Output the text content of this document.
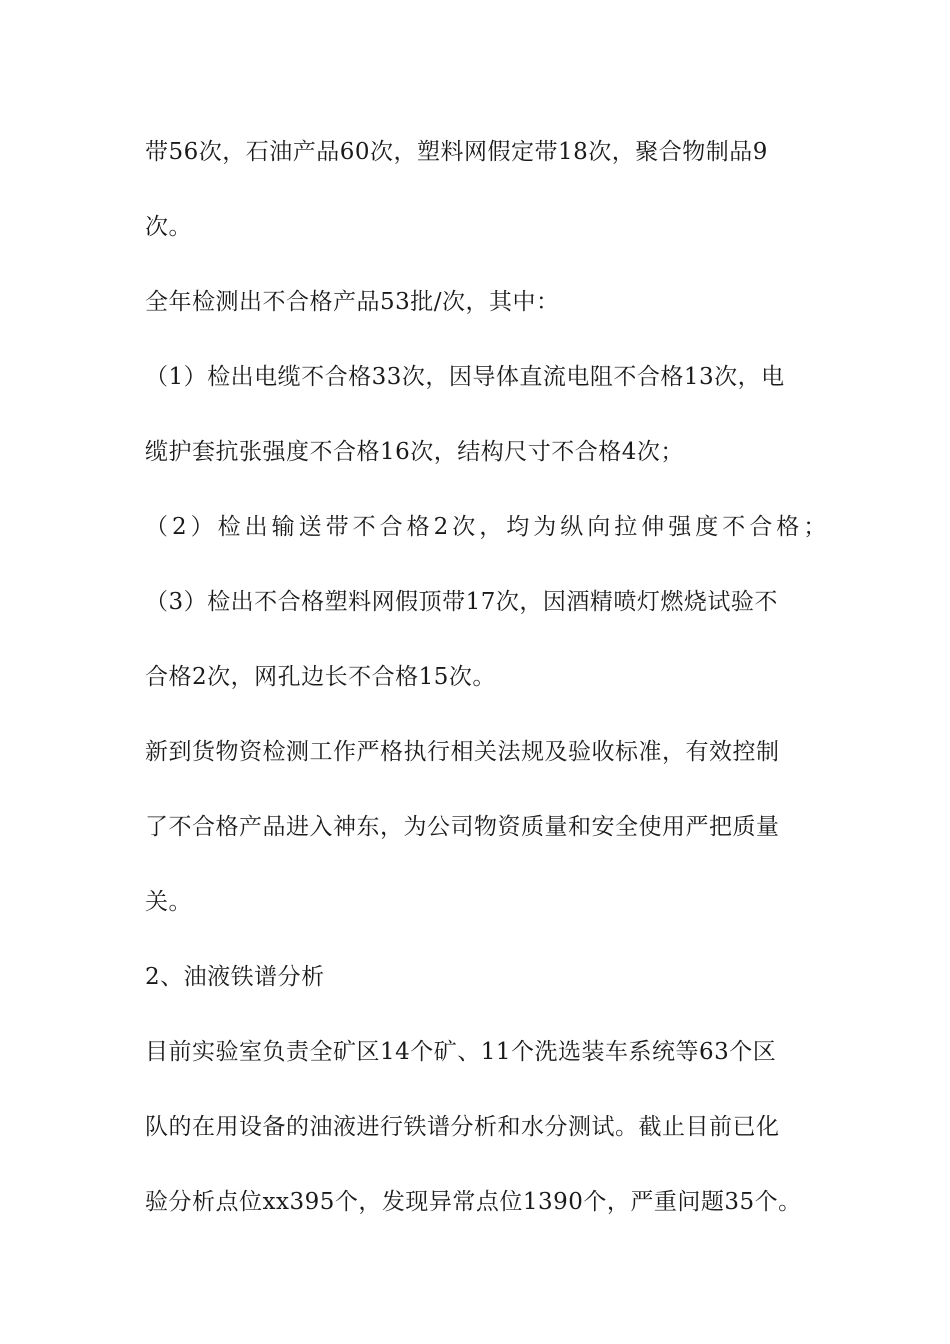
带56次，石油产品60次，塑料网假定带18次，聚合物制品9
次。
全年检测出不合格产品53批/次，其中：
（1）检出电缆不合格33次，因导体直流电阻不合格13次，电
缆护套抗张强度不合格16次，结构尺寸不合格4次；
（2）检出输送带不合格2次，均为纵向拉伸强度不合格；
（3）检出不合格塑料网假顶带17次，因酒精喷灯燃烧试验不
合格2次，网孔边长不合格15次。
新到货物资检测工作严格执行相关法规及验收标准，有效控制
了不合格产品进入神东，为公司物资质量和安全使用严把质量
关。
2、油液铁谱分析
目前实验室负责全矿区14个矿、11个洗选装车系统等63个区
队的在用设备的油液进行铁谱分析和水分测试。截止目前已化
验分析点位xx395个，发现异常点位1390个，严重问题35个。
